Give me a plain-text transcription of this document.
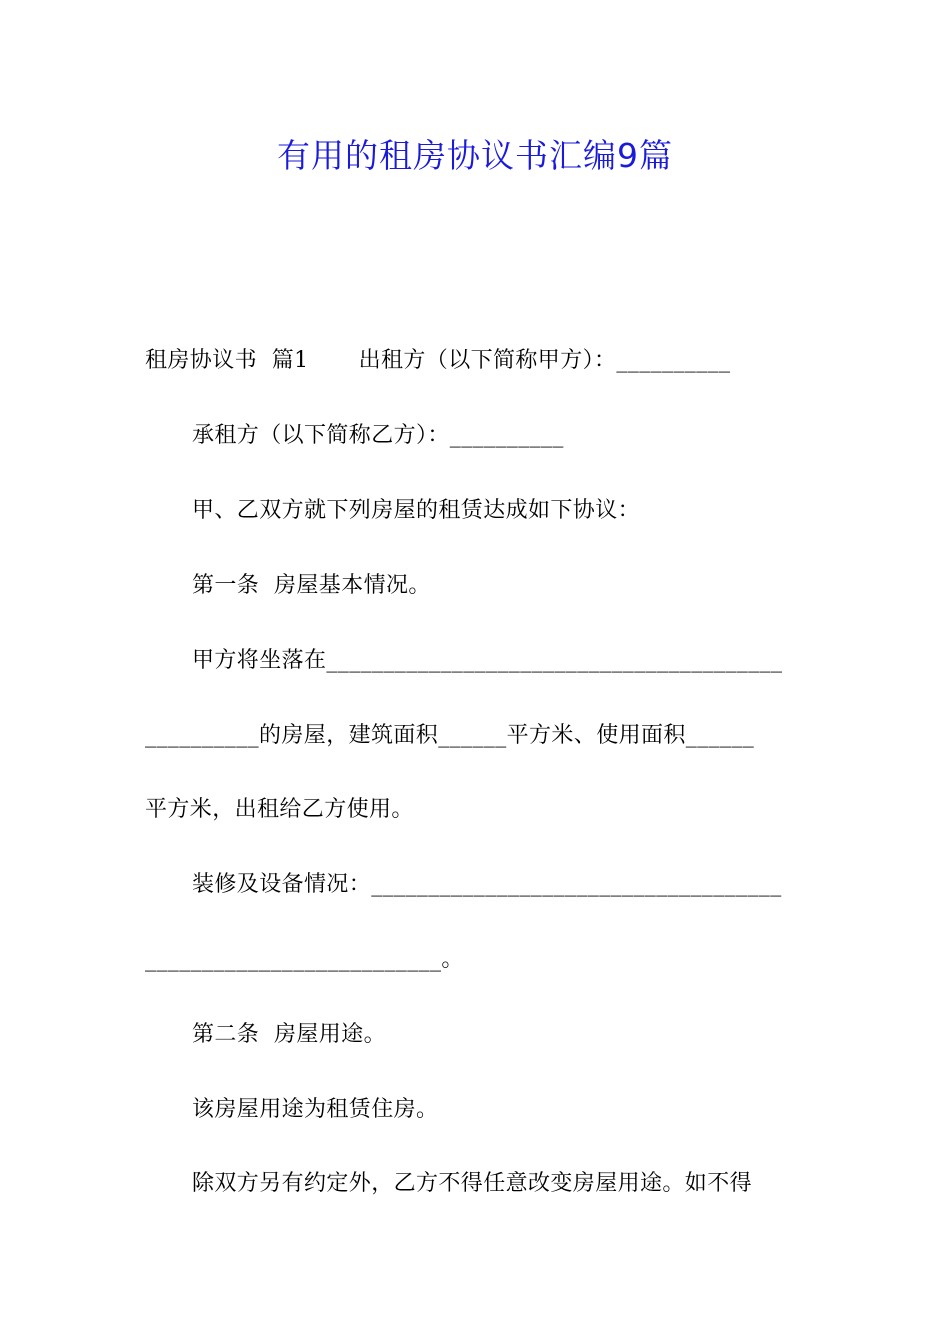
有用的租房协议书汇编9篇
租房协议书  篇1 出租方（以下简称甲方）：__________
承租方（以下简称乙方）：__________
甲、乙双方就下列房屋的租赁达成如下协议：
第一条  房屋基本情况。
甲方将坐落在________________________________________
__________的房屋，建筑面积______平方米、使用面积______
平方米，出租给乙方使用。
装修及设备情况：____________________________________
__________________________。
第二条  房屋用途。
该房屋用途为租赁住房。
除双方另有约定外，乙方不得任意改变房屋用途。如不得
